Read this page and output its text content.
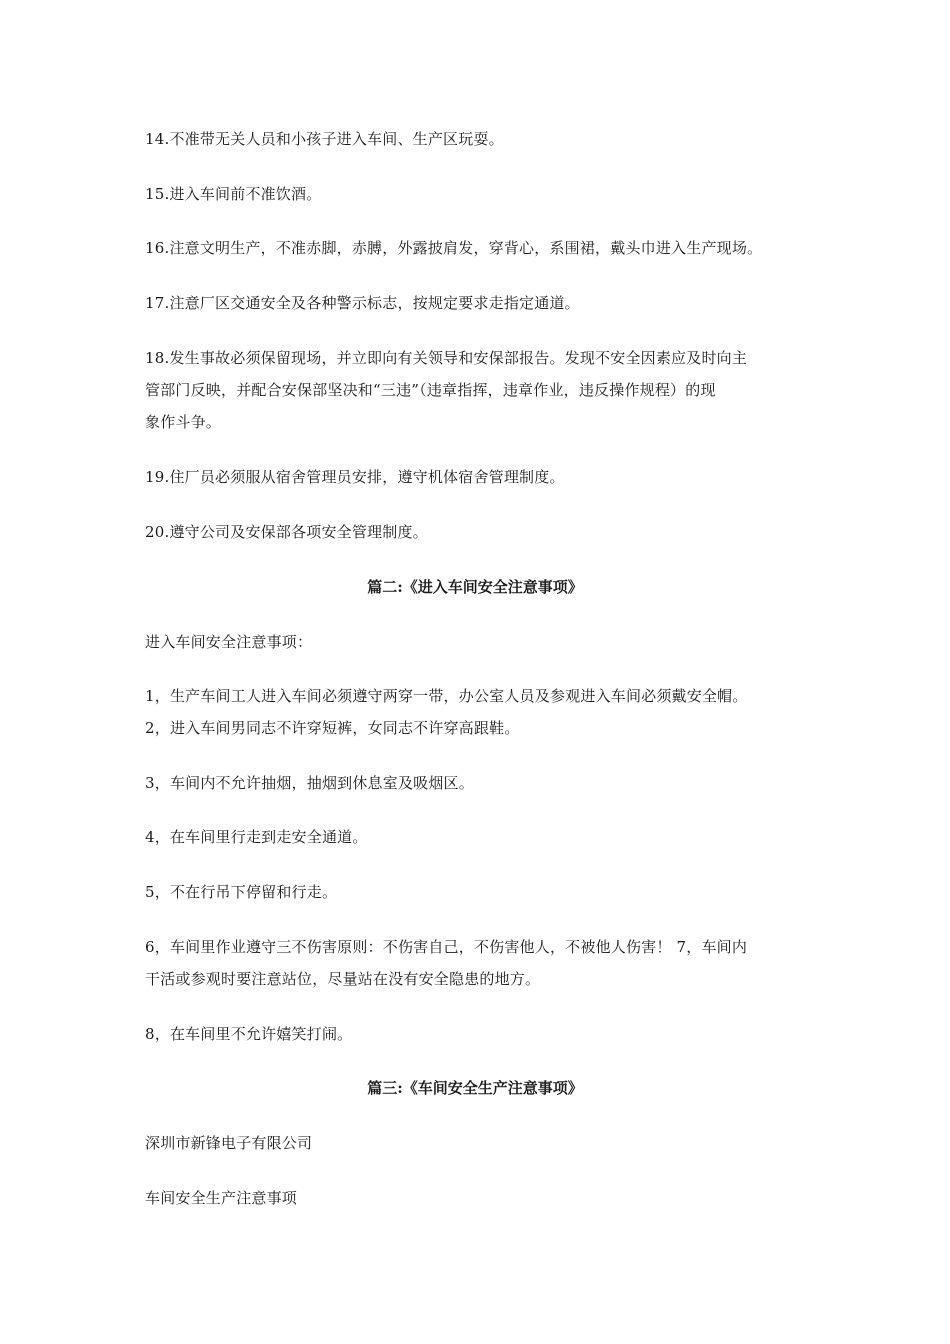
14.不准带无关人员和小孩子进入车间、生产区玩耍。
15.进入车间前不准饮酒。
16.注意文明生产，不准赤脚，赤膊，外露披肩发，穿背心，系围裙，戴头巾进入生产现场。
17.注意厂区交通安全及各种警示标志，按规定要求走指定通道。
18.发生事故必须保留现场，并立即向有关领导和安保部报告。发现不安全因素应及时向主
管部门反映，并配合安保部坚决和“三违”（违章指挥，违章作业，违反操作规程）的现
象作斗争。
19.住厂员必须服从宿舍管理员安排，遵守机体宿舍管理制度。
20.遵守公司及安保部各项安全管理制度。
篇二:《进入车间安全注意事项》
进入车间安全注意事项：
1，生产车间工人进入车间必须遵守两穿一带，办公室人员及参观进入车间必须戴安全帽。
2，进入车间男同志不许穿短裤，女同志不许穿高跟鞋。
3，车间内不允许抽烟，抽烟到休息室及吸烟区。
4，在车间里行走到走安全通道。
5，不在行吊下停留和行走。
6，车间里作业遵守三不伤害原则：不伤害自己，不伤害他人，不被他人伤害！ 7，车间内
干活或参观时要注意站位，尽量站在没有安全隐患的地方。
8，在车间里不允许嬉笑打闹。
篇三:《车间安全生产注意事项》
深圳市新锋电子有限公司
车间安全生产注意事项
